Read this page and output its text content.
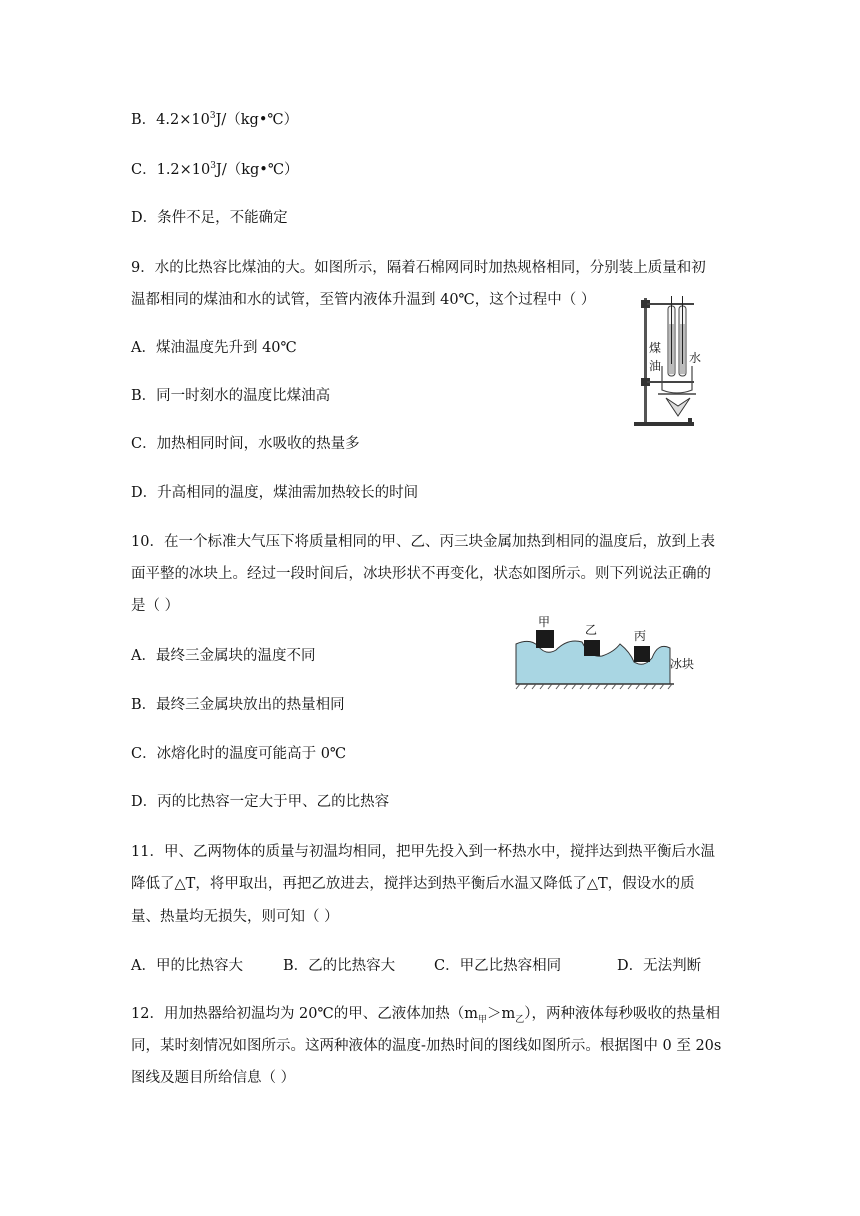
B．$4.2\times 10^3J/(kg•℃)$
C．$1.2\times 10^3J/(kg•℃)$
D．条件不足，不能确定
9．水的比热容比煤油的大。如图所示，隔着石棉网同时加热规格相同，分别装上质量和初
温都相同的煤油和水的试管，至管内液体升温到 40℃，这个过程中（ ）
A．煤油温度先升到 40℃
B．同一时刻水的温度比煤油高
C．加热相同时间，水吸收的热量多
D．升高相同的温度，煤油需加热较长的时间
煤
油
水
10．在一个标准大气压下将质量相同的甲、乙、丙三块金属加热到相同的温度后，放到上表
面平整的冰块上。经过一段时间后，冰块形状不再变化，状态如图所示。则下列说法正确的
是（ ）
A．最终三金属块的温度不同
B．最终三金属块放出的热量相同
C．冰熔化时的温度可能高于 0℃
D．丙的比热容一定大于甲、乙的比热容
甲
乙	丙
冰块
11．甲、乙两物体的质量与初温均相同，把甲先投入到一杯热水中，搅拌达到热平衡后水温
降低了△T，将甲取出，再把乙放进去，搅拌达到热平衡后水温又降低了△T，假设水的质
量、热量均无损失，则可知（ ）
A．甲的比热容大	B．乙的比热容大	C．甲乙比热容相同	D．无法判断
12．用加热器给初温均为 20℃的甲、乙液体加热$(m_甲>m_乙)$，两种液体每秒吸收的热量相
同，某时刻情况如图所示。这两种液体的温度-加热时间的图线如图所示。根据图中 0 至 20s
图线及题目所给信息（ ）
